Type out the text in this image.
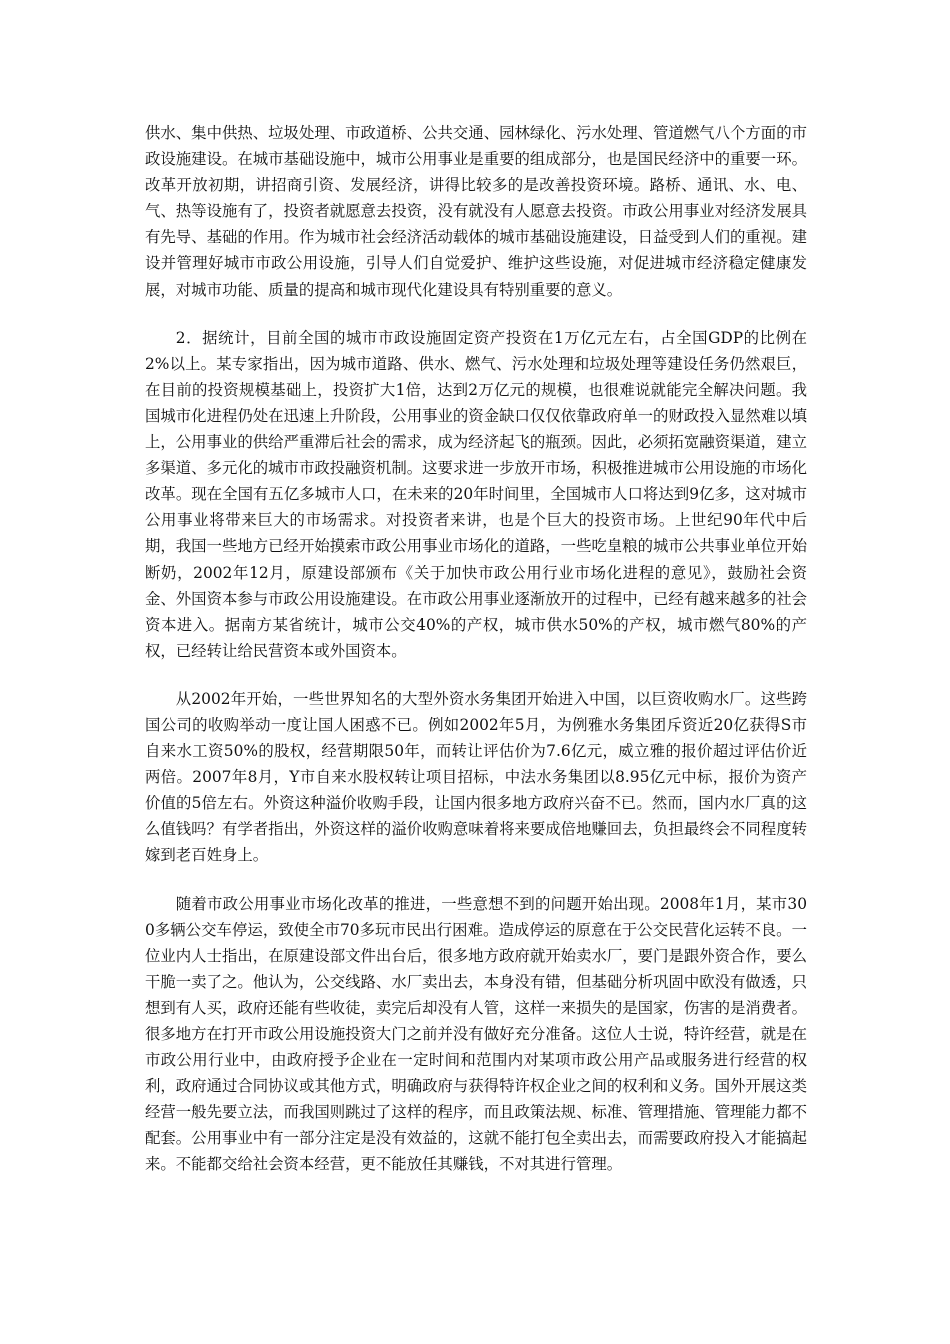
供水、集中供热、垃圾处理、市政道桥、公共交通、园林绿化、污水处理、管道燃气八个方面的市政设施建设。在城市基础设施中，城市公用事业是重要的组成部分，也是国民经济中的重要一环。改革开放初期，讲招商引资、发展经济，讲得比较多的是改善投资环境。路桥、通讯、水、电、气、热等设施有了，投资者就愿意去投资，没有就没有人愿意去投资。市政公用事业对经济发展具有先导、基础的作用。作为城市社会经济活动载体的城市基础设施建设，日益受到人们的重视。建设并管理好城市市政公用设施，引导人们自觉爱护、维护这些设施，对促进城市经济稳定健康发展，对城市功能、质量的提高和城市现代化建设具有特别重要的意义。

2．据统计，目前全国的城市市政设施固定资产投资在1万亿元左右，占全国GDP的比例在2%以上。某专家指出，因为城市道路、供水、燃气、污水处理和垃圾处理等建设任务仍然艰巨，在目前的投资规模基础上，投资扩大1倍，达到2万亿元的规模，也很难说就能完全解决问题。我国城市化进程仍处在迅速上升阶段，公用事业的资金缺口仅仅依靠政府单一的财政投入显然难以填上，公用事业的供给严重滞后社会的需求，成为经济起飞的瓶颈。因此，必须拓宽融资渠道，建立多渠道、多元化的城市市政投融资机制。这要求进一步放开市场，积极推进城市公用设施的市场化改革。现在全国有五亿多城市人口，在未来的20年时间里，全国城市人口将达到9亿多，这对城市公用事业将带来巨大的市场需求。对投资者来讲，也是个巨大的投资市场。上世纪90年代中后期，我国一些地方已经开始摸索市政公用事业市场化的道路，一些吃皇粮的城市公共事业单位开始断奶，2002年12月，原建设部颁布《关于加快市政公用行业市场化进程的意见》，鼓励社会资金、外国资本参与市政公用设施建设。在市政公用事业逐渐放开的过程中，已经有越来越多的社会资本进入。据南方某省统计，城市公交40%的产权，城市供水50%的产权，城市燃气80%的产权，已经转让给民营资本或外国资本。

从2002年开始，一些世界知名的大型外资水务集团开始进入中国，以巨资收购水厂。这些跨国公司的收购举动一度让国人困惑不已。例如2002年5月，为例雅水务集团斥资近20亿获得S市自来水工资50%的股权，经营期限50年，而转让评估价为7.6亿元，威立雅的报价超过评估价近两倍。2007年8月，Y市自来水股权转让项目招标，中法水务集团以8.95亿元中标，报价为资产价值的5倍左右。外资这种溢价收购手段，让国内很多地方政府兴奋不已。然而，国内水厂真的这么值钱吗？有学者指出，外资这样的溢价收购意味着将来要成倍地赚回去，负担最终会不同程度转嫁到老百姓身上。

随着市政公用事业市场化改革的推进，一些意想不到的问题开始出现。2008年1月，某市300多辆公交车停运，致使全市70多玩市民出行困难。造成停运的原意在于公交民营化运转不良。一位业内人士指出，在原建设部文件出台后，很多地方政府就开始卖水厂，要门是跟外资合作，要么干脆一卖了之。他认为，公交线路、水厂卖出去，本身没有错，但基础分析巩固中欧没有做透，只想到有人买，政府还能有些收徒，卖完后却没有人管，这样一来损失的是国家，伤害的是消费者。很多地方在打开市政公用设施投资大门之前并没有做好充分准备。这位人士说，特许经营，就是在市政公用行业中，由政府授予企业在一定时间和范围内对某项市政公用产品或服务进行经营的权利，政府通过合同协议或其他方式，明确政府与获得特许权企业之间的权利和义务。国外开展这类经营一般先要立法，而我国则跳过了这样的程序，而且政策法规、标准、管理措施、管理能力都不配套。公用事业中有一部分注定是没有效益的，这就不能打包全卖出去，而需要政府投入才能搞起来。不能都交给社会资本经营，更不能放任其赚钱，不对其进行管理。
